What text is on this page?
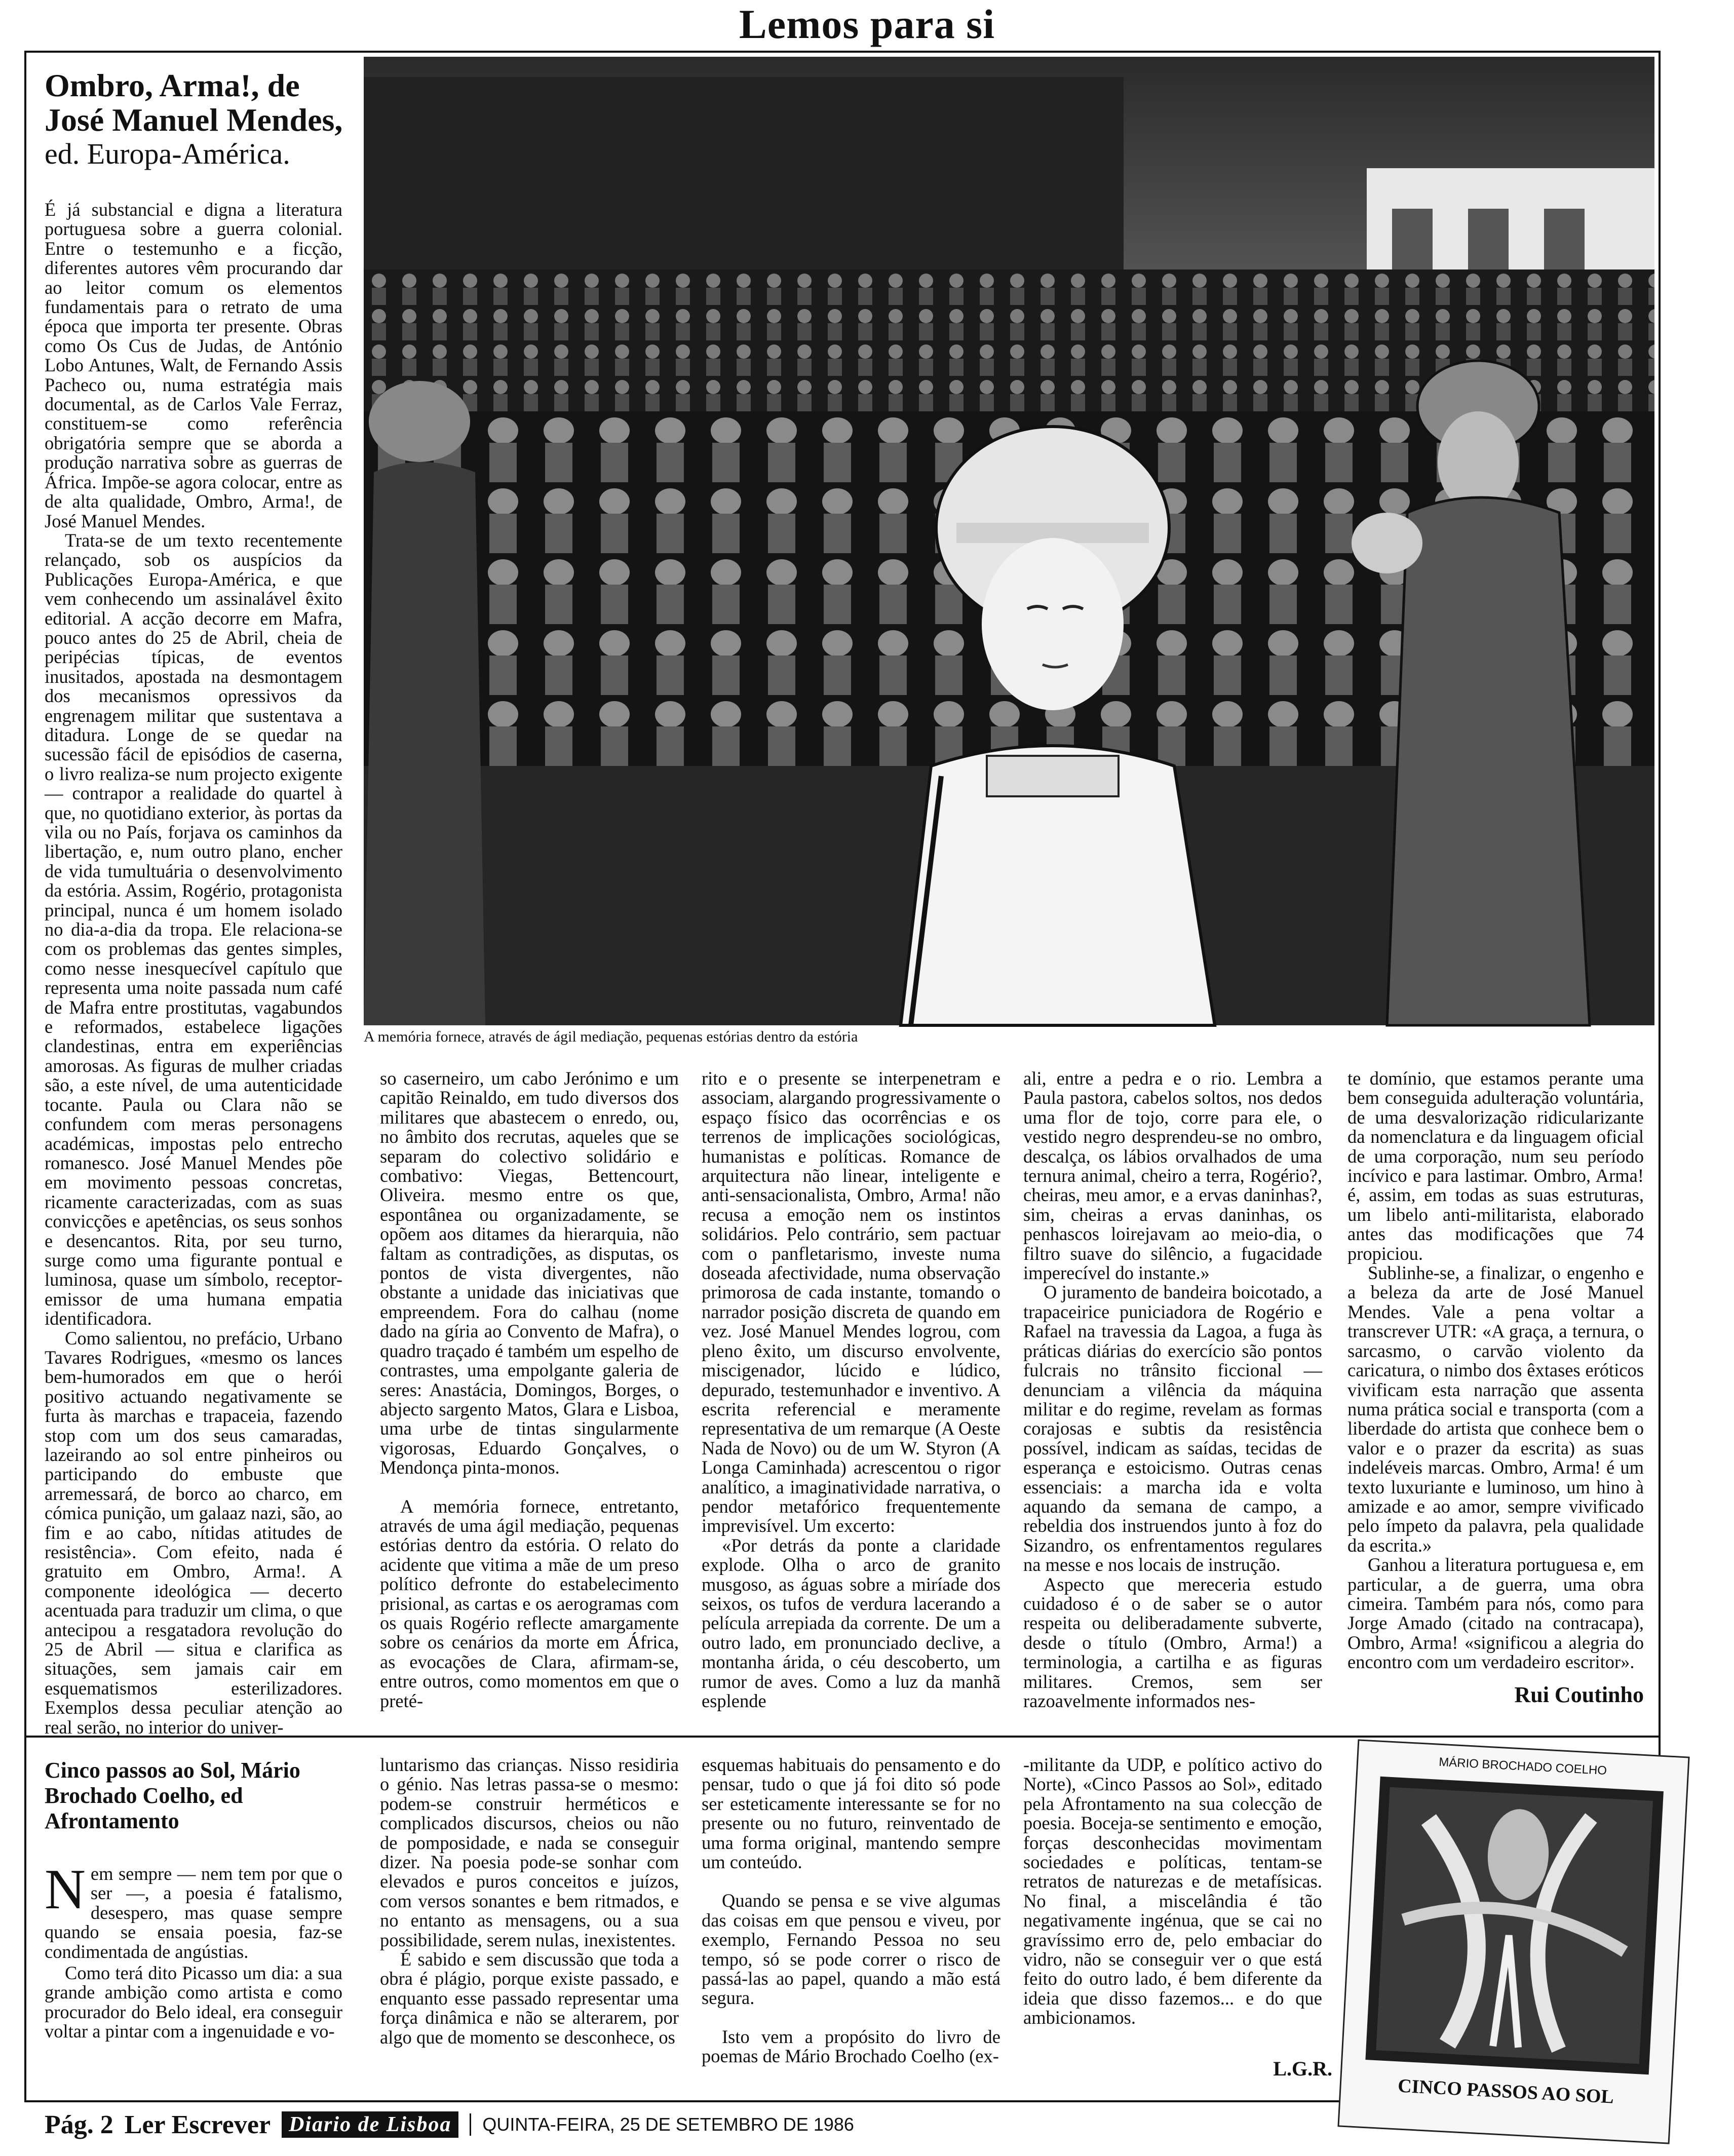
Lemos para si
Ombro, Arma!, de José Manuel Mendes,
ed. Europa-América.
A memória fornece, através de ágil mediação, pequenas estórias dentro da estória

É já substancial e digna a literatura portuguesa sobre a guerra colonial. Entre o testemunho e a ficção, diferentes autores vêm procurando dar ao leitor comum os elementos fundamentais para o retrato de uma época que importa ter presente. Obras como Os Cus de Judas, de António Lobo Antunes, Walt, de Fernando Assis Pacheco ou, numa estratégia mais documental, as de Carlos Vale Ferraz, constituem-se como referência obrigatória sempre que se aborda a produção narrativa sobre as guerras de África. Impõe-se agora colocar, entre as de alta qualidade, Ombro, Arma!, de José Manuel Mendes.

Trata-se de um texto recentemente relançado, sob os auspícios da Publicações Europa-América, e que vem conhecendo um assinalável êxito editorial. A acção decorre em Mafra, pouco antes do 25 de Abril, cheia de peripécias típicas, de eventos inusitados, apostada na desmontagem dos mecanismos opressivos da engrenagem militar que sustentava a ditadura. Longe de se quedar na sucessão fácil de episódios de caserna, o livro realiza-se num projecto exigente — contrapor a realidade do quartel à que, no quotidiano exterior, às portas da vila ou no País, forjava os caminhos da libertação, e, num outro plano, encher de vida tumultuária o desenvolvimento da estória. Assim, Rogério, protagonista principal, nunca é um homem isolado no dia-a-dia da tropa. Ele relaciona-se com os problemas das gentes simples, como nesse inesquecível capítulo que representa uma noite passada num café de Mafra entre prostitutas, vagabundos e reformados, estabelece ligações clandestinas, entra em experiências amorosas. As figuras de mulher criadas são, a este nível, de uma autenticidade tocante. Paula ou Clara não se confundem com meras personagens académicas, impostas pelo entrecho romanesco. José Manuel Mendes põe em movimento pessoas concretas, ricamente caracterizadas, com as suas convicções e apetências, os seus sonhos e desencantos. Rita, por seu turno, surge como uma figurante pontual e luminosa, quase um símbolo, receptor-emissor de uma humana empatia identificadora.

Como salientou, no prefácio, Urbano Tavares Rodrigues, «mesmo os lances bem-humorados em que o herói positivo actuando negativamente se furta às marchas e trapaceia, fazendo stop com um dos seus camaradas, lazeirando ao sol entre pinheiros ou participando do embuste que arremessará, de borco ao charco, em cómica punição, um galaaz nazi, são, ao fim e ao cabo, nítidas atitudes de resistência». Com efeito, nada é gratuito em Ombro, Arma!. A componente ideológica — decerto acentuada para traduzir um clima, o que antecipou a resgatadora revolução do 25 de Abril — situa e clarifica as situações, sem jamais cair em esquematismos esterilizadores. Exemplos dessa peculiar atenção ao real serão, no interior do univer-

so caserneiro, um cabo Jerónimo e um capitão Reinaldo, em tudo diversos dos militares que abastecem o enredo, ou, no âmbito dos recrutas, aqueles que se separam do colectivo solidário e combativo: Viegas, Bettencourt, Oliveira. mesmo entre os que, espontânea ou organizadamente, se opõem aos ditames da hierarquia, não faltam as contradições, as disputas, os pontos de vista divergentes, não obstante a unidade das iniciativas que empreendem. Fora do calhau (nome dado na gíria ao Convento de Mafra), o quadro traçado é também um espelho de contrastes, uma empolgante galeria de seres: Anastácia, Domingos, Borges, o abjecto sargento Matos, Glara e Lisboa, uma urbe de tintas singularmente vigorosas, Eduardo Gonçalves, o Mendonça pinta-monos.

A memória fornece, entretanto, através de uma ágil mediação, pequenas estórias dentro da estória. O relato do acidente que vitima a mãe de um preso político defronte do estabelecimento prisional, as cartas e os aerogramas com os quais Rogério reflecte amargamente sobre os cenários da morte em África, as evocações de Clara, afirmam-se, entre outros, como momentos em que o preté-

rito e o presente se interpenetram e associam, alargando progressivamente o espaço físico das ocorrências e os terrenos de implicações sociológicas, humanistas e políticas. Romance de arquitectura não linear, inteligente e anti-sensacionalista, Ombro, Arma! não recusa a emoção nem os instintos solidários. Pelo contrário, sem pactuar com o panfletarismo, investe numa doseada afectividade, numa observação primorosa de cada instante, tomando o narrador posição discreta de quando em vez. José Manuel Mendes logrou, com pleno êxito, um discurso envolvente, miscigenador, lúcido e lúdico, depurado, testemunhador e inventivo. A escrita referencial e meramente representativa de um remarque (A Oeste Nada de Novo) ou de um W. Styron (A Longa Caminhada) acrescentou o rigor analítico, a imaginatividade narrativa, o pendor metafórico frequentemente imprevisível. Um excerto:

«Por detrás da ponte a claridade explode. Olha o arco de granito musgoso, as águas sobre a miríade dos seixos, os tufos de verdura lacerando a película arrepiada da corrente. De um a outro lado, em pronunciado declive, a montanha árida, o céu descoberto, um rumor de aves. Como a luz da manhã esplende

ali, entre a pedra e o rio. Lembra a Paula pastora, cabelos soltos, nos dedos uma flor de tojo, corre para ele, o vestido negro desprendeu-se no ombro, descalça, os lábios orvalhados de uma ternura animal, cheiro a terra, Rogério?, cheiras, meu amor, e a ervas daninhas?, sim, cheiras a ervas daninhas, os penhascos loirejavam ao meio-dia, o filtro suave do silêncio, a fugacidade imperecível do instante.»

O juramento de bandeira boicotado, a trapaceirice puniciadora de Rogério e Rafael na travessia da Lagoa, a fuga às práticas diárias do exercício são pontos fulcrais no trânsito ficcional — denunciam a vilência da máquina militar e do regime, revelam as formas corajosas e subtis da resistência possível, indicam as saídas, tecidas de esperança e estoicismo. Outras cenas essenciais: a marcha ida e volta aquando da semana de campo, a rebeldia dos instruendos junto à foz do Sizandro, os enfrentamentos regulares na messe e nos locais de instrução.

Aspecto que mereceria estudo cuidadoso é o de saber se o autor respeita ou deliberadamente subverte, desde o título (Ombro, Arma!) a terminologia, a cartilha e as figuras militares. Cremos, sem ser razoavelmente informados nes-

te domínio, que estamos perante uma bem conseguida adulteração voluntária, de uma desvalorização ridicularizante da nomenclatura e da linguagem oficial de uma corporação, num seu período incívico e para lastimar. Ombro, Arma! é, assim, em todas as suas estruturas, um libelo anti-militarista, elaborado antes das modificações que 74 propiciou.

Sublinhe-se, a finalizar, o engenho e a beleza da arte de José Manuel Mendes. Vale a pena voltar a transcrever UTR: «A graça, a ternura, o sarcasmo, o carvão violento da caricatura, o nimbo dos êxtases eróticos vivificam esta narração que assenta numa prática social e transporta (com a liberdade do artista que conhece bem o valor e o prazer da escrita) as suas indeléveis marcas. Ombro, Arma! é um texto luxuriante e luminoso, um hino à amizade e ao amor, sempre vivificado pelo ímpeto da palavra, pela qualidade da escrita.»

Ganhou a literatura portuguesa e, em particular, a de guerra, uma obra cimeira. Também para nós, como para Jorge Amado (citado na contracapa), Ombro, Arma! «significou a alegria do encontro com um verdadeiro escritor».

Rui Coutinho
Cinco passos ao Sol, Mário Brochado Coelho, ed Afrontamento

Nem sempre — nem tem por que o ser —, a poesia é fatalismo, desespero, mas quase sempre quando se ensaia poesia, faz-se condimentada de angústias.

Como terá dito Picasso um dia: a sua grande ambição como artista e como procurador do Belo ideal, era conseguir voltar a pintar com a ingenuidade e vo-

luntarismo das crianças. Nisso residiria o génio. Nas letras passa-se o mesmo: podem-se construir herméticos e complicados discursos, cheios ou não de pomposidade, e nada se conseguir dizer. Na poesia pode-se sonhar com elevados e puros conceitos e juízos, com versos sonantes e bem ritmados, e no entanto as mensagens, ou a sua possibilidade, serem nulas, inexistentes.

É sabido e sem discussão que toda a obra é plágio, porque existe passado, e enquanto esse passado representar uma força dinâmica e não se alterarem, por algo que de momento se desconhece, os

esquemas habituais do pensamento e do pensar, tudo o que já foi dito só pode ser esteticamente interessante se for no presente ou no futuro, reinventado de uma forma original, mantendo sempre um conteúdo.

Quando se pensa e se vive algumas das coisas em que pensou e viveu, por exemplo, Fernando Pessoa no seu tempo, só se pode correr o risco de passá-las ao papel, quando a mão está segura.

Isto vem a propósito do livro de poemas de Mário Brochado Coelho (ex-

-militante da UDP, e político activo do Norte), «Cinco Passos ao Sol», editado pela Afrontamento na sua colecção de poesia. Boceja-se sentimento e emoção, forças desconhecidas movimentam sociedades e políticas, tentam-se retratos de naturezas e de metafísicas. No final, a miscelândia é tão negativamente ingénua, que se cai no gravíssimo erro de, pelo embaciar do vidro, não se conseguir ver o que está feito do outro lado, é bem diferente da ideia que disso fazemos... e do que ambicionamos.

L.G.R.
MÁRIO BROCHADO COELHO
CINCO PASSOS AO SOL
Pág. 2 Ler Escrever Diario de Lisboa	QUINTA-FEIRA, 25 DE SETEMBRO DE 1986
